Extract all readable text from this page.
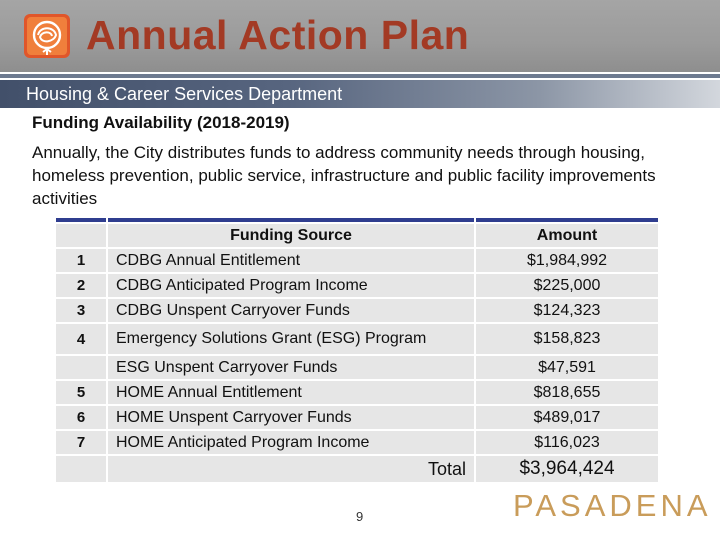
Annual Action Plan
Housing & Career Services Department
Funding Availability (2018-2019)
Annually, the City distributes funds to address community needs through housing, homeless prevention, public service, infrastructure and public facility improvements activities

	Funding Source	Amount
1	CDBG Annual Entitlement	$1,984,992
2	CDBG Anticipated Program Income	$225,000
3	CDBG Unspent Carryover Funds	$124,323
4	Emergency Solutions Grant (ESG) Program	$158,823
	ESG Unspent Carryover Funds	$47,591
5	HOME Annual Entitlement	$818,655
6	HOME Unspent Carryover Funds	$489,017
7	HOME Anticipated Program Income	$116,023
	Total	$3,964,424
9	PASADENA
